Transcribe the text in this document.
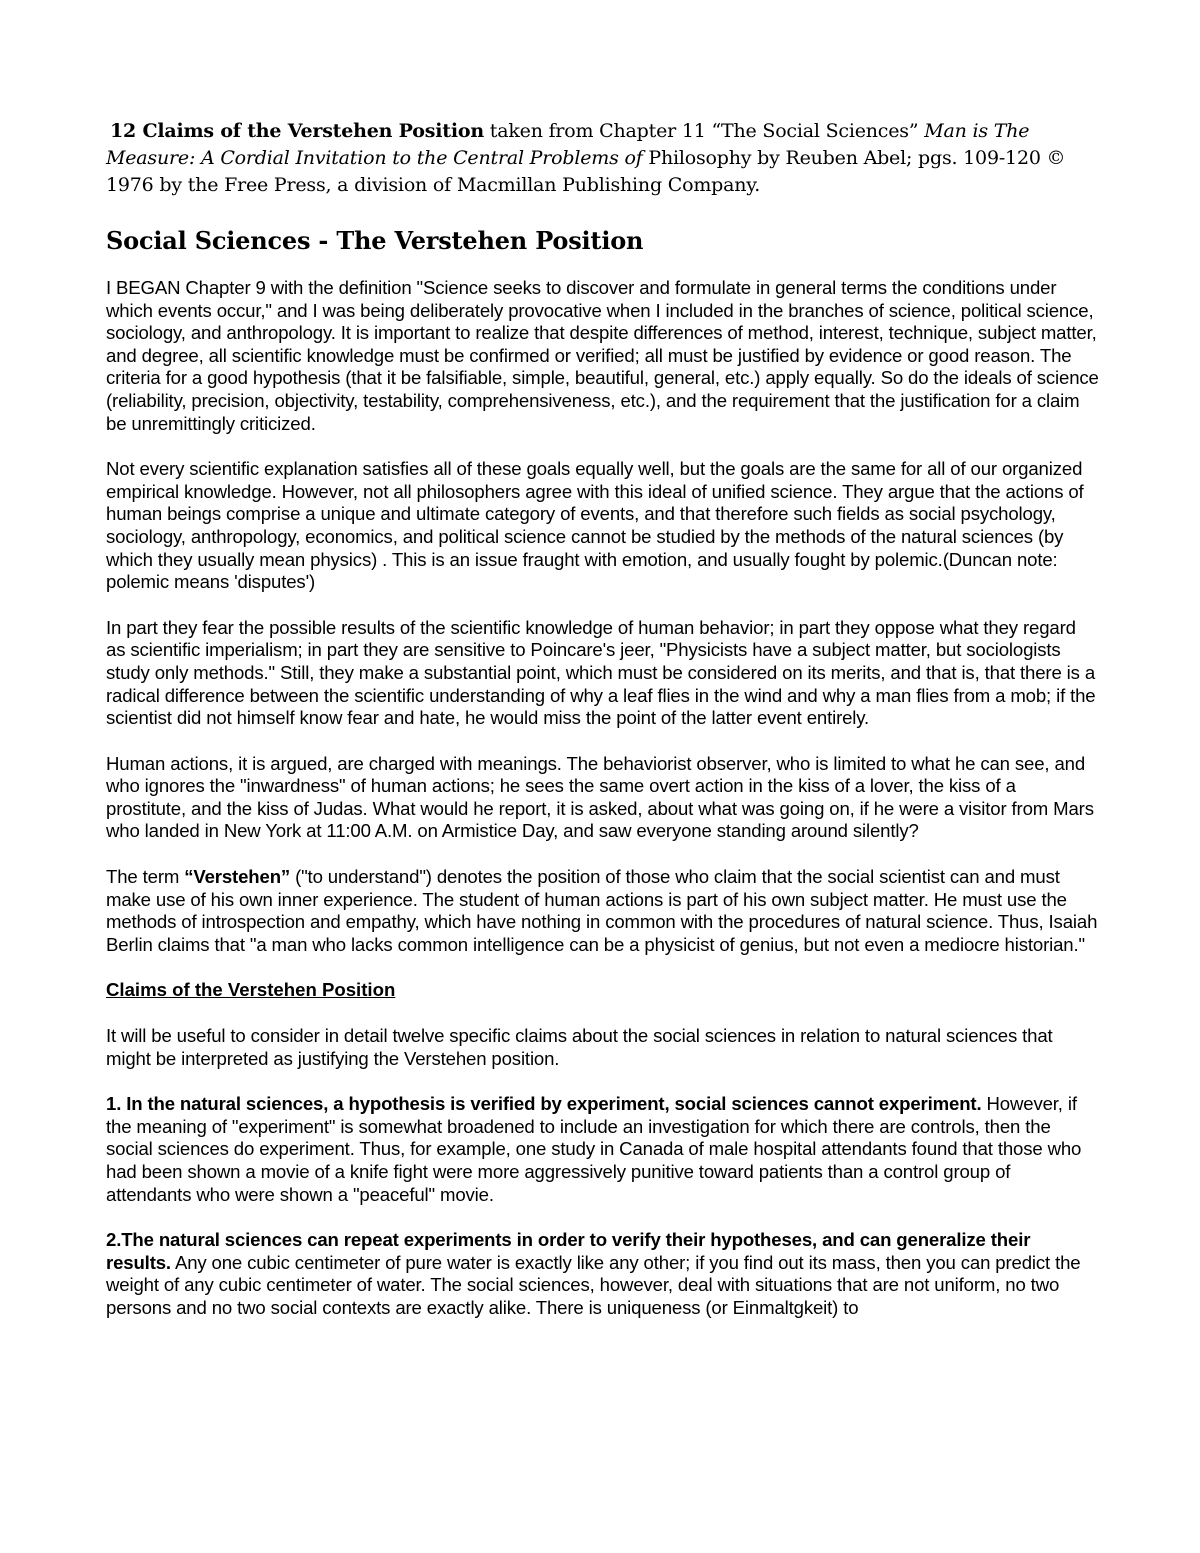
12 Claims of the Verstehen Position taken from Chapter 11 “The Social Sciences” Man is The Measure: A Cordial Invitation to the Central Problems of Philosophy by Reuben Abel; pgs. 109-120 © 1976 by the Free Press, a division of Macmillan Publishing Company.

Social Sciences - The Verstehen Position

I BEGAN Chapter 9 with the definition "Science seeks to discover and formulate in general terms the conditions under which events occur," and I was being deliberately provocative when I included in the branches of science, political science, sociology, and anthropology. It is important to realize that despite differences of method, interest, technique, subject matter, and degree, all scientific knowledge must be confirmed or verified; all must be justified by evidence or good reason. The criteria for a good hypothesis (that it be falsifiable, simple, beautiful, general, etc.) apply equally. So do the ideals of science (reliability, precision, objectivity, testability, comprehensiveness, etc.), and the requirement that the justification for a claim be unremittingly criticized.

Not every scientific explanation satisfies all of these goals equally well, but the goals are the same for all of our organized empirical knowledge. However, not all philosophers agree with this ideal of unified science. They argue that the actions of human beings comprise a unique and ultimate category of events, and that therefore such fields as social psychology, sociology, anthropology, economics, and political science cannot be studied by the methods of the natural sciences (by which they usually mean physics) . This is an issue fraught with emotion, and usually fought by polemic.(Duncan note: polemic means 'disputes')

In part they fear the possible results of the scientific knowledge of human behavior; in part they oppose what they regard as scientific imperialism; in part they are sensitive to Poincare's jeer, "Physicists have a subject matter, but sociologists study only methods." Still, they make a substantial point, which must be considered on its merits, and that is, that there is a radical difference between the scientific understanding of why a leaf flies in the wind and why a man flies from a mob; if the scientist did not himself know fear and hate, he would miss the point of the latter event entirely.

Human actions, it is argued, are charged with meanings. The behaviorist observer, who is limited to what he can see, and who ignores the "inwardness" of human actions; he sees the same overt action in the kiss of a lover, the kiss of a prostitute, and the kiss of Judas. What would he report, it is asked, about what was going on, if he were a visitor from Mars who landed in New York at 11:00 A.M. on Armistice Day, and saw everyone standing around silently?

The term “Verstehen” ("to understand") denotes the position of those who claim that the social scientist can and must make use of his own inner experience. The student of human actions is part of his own subject matter. He must use the methods of introspection and empathy, which have nothing in common with the procedures of natural science. Thus, Isaiah Berlin claims that "a man who lacks common intelligence can be a physicist of genius, but not even a mediocre historian."

Claims of the Verstehen Position

It will be useful to consider in detail twelve specific claims about the social sciences in relation to natural sciences that might be interpreted as justifying the Verstehen position.

1. In the natural sciences, a hypothesis is verified by experiment, social sciences cannot experiment. However, if the meaning of "experiment" is somewhat broadened to include an investigation for which there are controls, then the social sciences do experiment. Thus, for example, one study in Canada of male hospital attendants found that those who had been shown a movie of a knife fight were more aggressively punitive toward patients than a control group of attendants who were shown a "peaceful" movie.

2.The natural sciences can repeat experiments in order to verify their hypotheses, and can generalize their results. Any one cubic centimeter of pure water is exactly like any other; if you find out its mass, then you can predict the weight of any cubic centimeter of water. The social sciences, however, deal with situations that are not uniform, no two persons and no two social contexts are exactly alike. There is uniqueness (or Einmaltgkeit) to
